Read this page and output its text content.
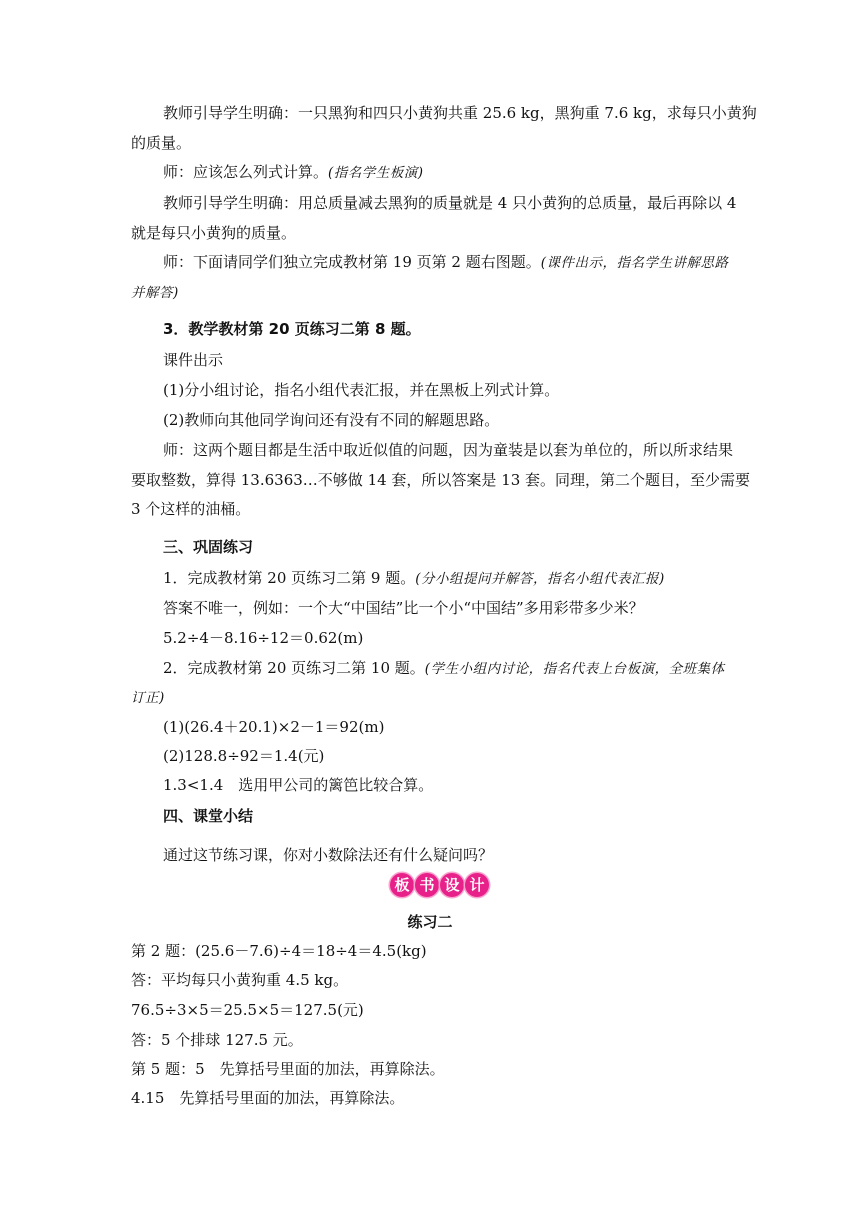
教师引导学生明确：一只黑狗和四只小黄狗共重 25.6 kg，黑狗重 7.6 kg，求每只小黄狗
的质量。
师：应该怎么列式计算。(指名学生板演)
教师引导学生明确：用总质量减去黑狗的质量就是 4 只小黄狗的总质量，最后再除以 4
就是每只小黄狗的质量。
师：下面请同学们独立完成教材第 19 页第 2 题右图题。(课件出示，指名学生讲解思路
并解答)
3．教学教材第 20 页练习二第 8 题。
课件出示
(1)分小组讨论，指名小组代表汇报，并在黑板上列式计算。
(2)教师向其他同学询问还有没有不同的解题思路。
师：这两个题目都是生活中取近似值的问题，因为童装是以套为单位的，所以所求结果
要取整数，算得 13.6363…不够做 14 套，所以答案是 13 套。同理，第二个题目，至少需要
3 个这样的油桶。
三、巩固练习
1．完成教材第 20 页练习二第 9 题。(分小组提问并解答，指名小组代表汇报)
答案不唯一，例如：一个大“中国结”比一个小“中国结”多用彩带多少米？
5.2÷4－8.16÷12＝0.62(m)
2．完成教材第 20 页练习二第 10 题。(学生小组内讨论，指名代表上台板演，全班集体
订正)
(1)(26.4＋20.1)×2－1＝92(m)
(2)128.8÷92＝1.4(元)
1.3<1.4　选用甲公司的篱笆比较合算。
四、课堂小结
通过这节练习课，你对小数除法还有什么疑问吗？
板 书 设 计
练习二
第 2 题：(25.6－7.6)÷4＝18÷4＝4.5(kg)
答：平均每只小黄狗重 4.5 kg。
76.5÷3×5＝25.5×5＝127.5(元)
答：5 个排球 127.5 元。
第 5 题：5　先算括号里面的加法，再算除法。
4.15　先算括号里面的加法，再算除法。
